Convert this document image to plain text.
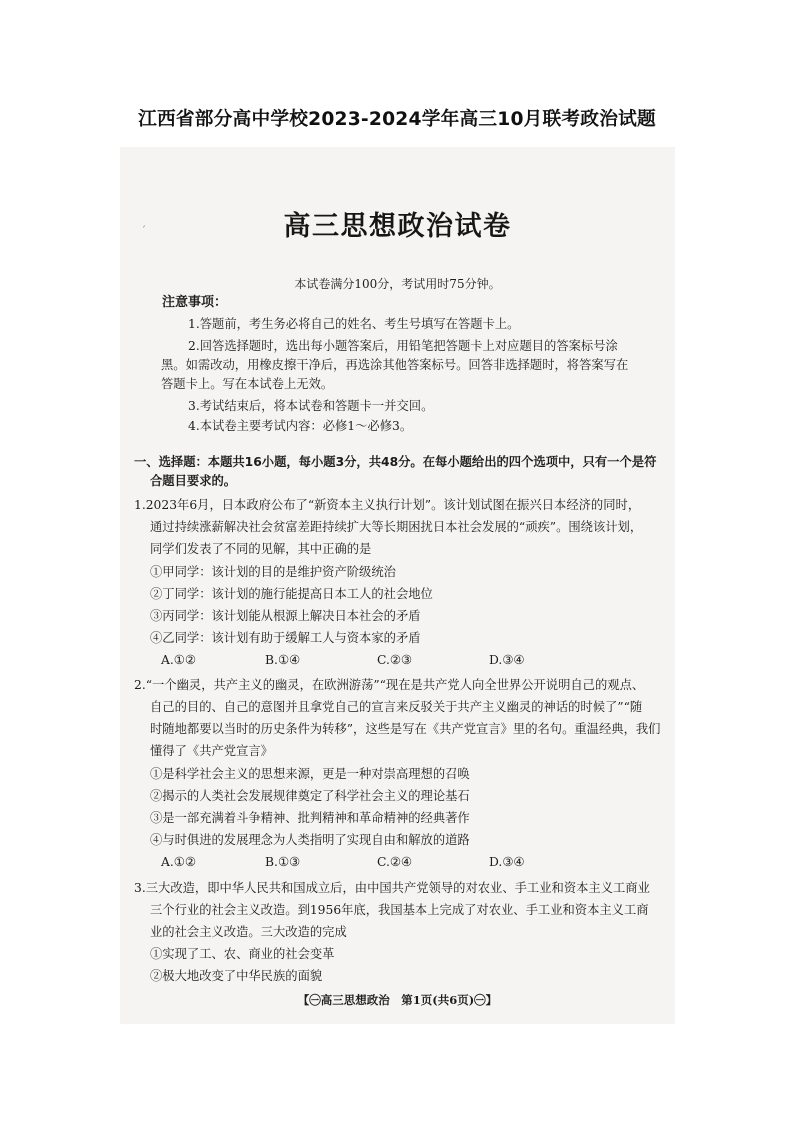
江西省部分高中学校2023-2024学年高三10月联考政治试题
ˊ	高三思想政治试卷
本试卷满分100分，考试用时75分钟。
注意事项：
1.答题前，考生务必将自己的姓名、考生号填写在答题卡上。
2.回答选择题时，选出每小题答案后，用铅笔把答题卡上对应题目的答案标号涂
黑。如需改动，用橡皮擦干净后，再选涂其他答案标号。回答非选择题时，将答案写在
答题卡上。写在本试卷上无效。
3.考试结束后，将本试卷和答题卡一并交回。
4.本试卷主要考试内容：必修1～必修3。
一、选择题：本题共16小题，每小题3分，共48分。在每小题给出的四个选项中，只有一个是符
合题目要求的。
1.2023年6月，日本政府公布了“新资本主义执行计划”。该计划试图在振兴日本经济的同时，
通过持续涨薪解决社会贫富差距持续扩大等长期困扰日本社会发展的“顽疾”。围绕该计划，
同学们发表了不同的见解，其中正确的是
①甲同学：该计划的目的是维护资产阶级统治
②丁同学：该计划的施行能提高日本工人的社会地位
③丙同学：该计划能从根源上解决日本社会的矛盾
④乙同学：该计划有助于缓解工人与资本家的矛盾
A.①②	B.①④	C.②③	D.③④
2.“一个幽灵，共产主义的幽灵，在欧洲游荡”“现在是共产党人向全世界公开说明自己的观点、
自己的目的、自己的意图并且拿党自己的宣言来反驳关于共产主义幽灵的神话的时候了”“随
时随地都要以当时的历史条件为转移”，这些是写在《共产党宣言》里的名句。重温经典，我们
懂得了《共产党宣言》
①是科学社会主义的思想来源，更是一种对崇高理想的召唤
②揭示的人类社会发展规律奠定了科学社会主义的理论基石
③是一部充满着斗争精神、批判精神和革命精神的经典著作
④与时俱进的发展理念为人类指明了实现自由和解放的道路
A.①②	B.①③	C.②④	D.③④
3.三大改造，即中华人民共和国成立后，由中国共产党领导的对农业、手工业和资本主义工商业
三个行业的社会主义改造。到1956年底，我国基本上完成了对农业、手工业和资本主义工商
业的社会主义改造。三大改造的完成
①实现了工、农、商业的社会变革
②极大地改变了中华民族的面貌
【㊀高三思想政治　第1页(共6页)㊀】
